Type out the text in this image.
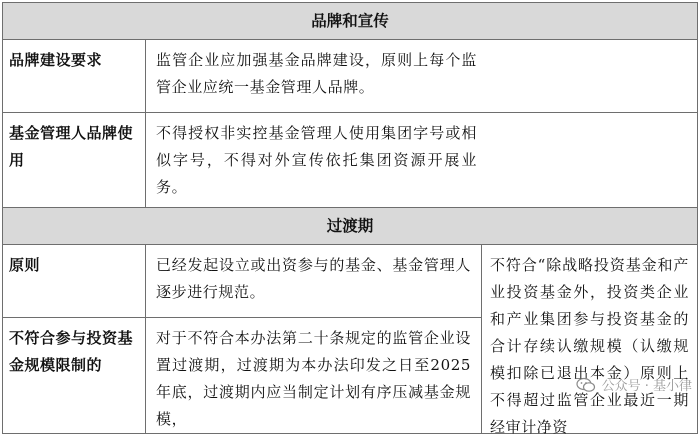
品牌和宣传		
品牌建设要求	监管企业应加强基金品牌建设，原则上每个监管企业应统一基金管理人品牌。	
基金管理人品牌使用	不得授权非实控基金管理人使用集团字号或相似字号，不得对外宣传依托集团资源开展业务。	
过渡期		
原则	已经发起设立或出资参与的基金、基金管理人逐步进行规范。	不符合“除战略投资基金和产业投资基金外，投资类企业和产业集团参与投资基金的合计存续认缴规模（认缴规模扣除已退出本金）原则上不得超过监管企业最近一期经审计净资

不符合参与投资基金规模限制的	对于不符合本办法第二十条规定的监管企业设置过渡期，过渡期为本办法印发之日至2025年底，过渡期内应当制定计划有序压减基金规模，	
公众号 · 基小律
